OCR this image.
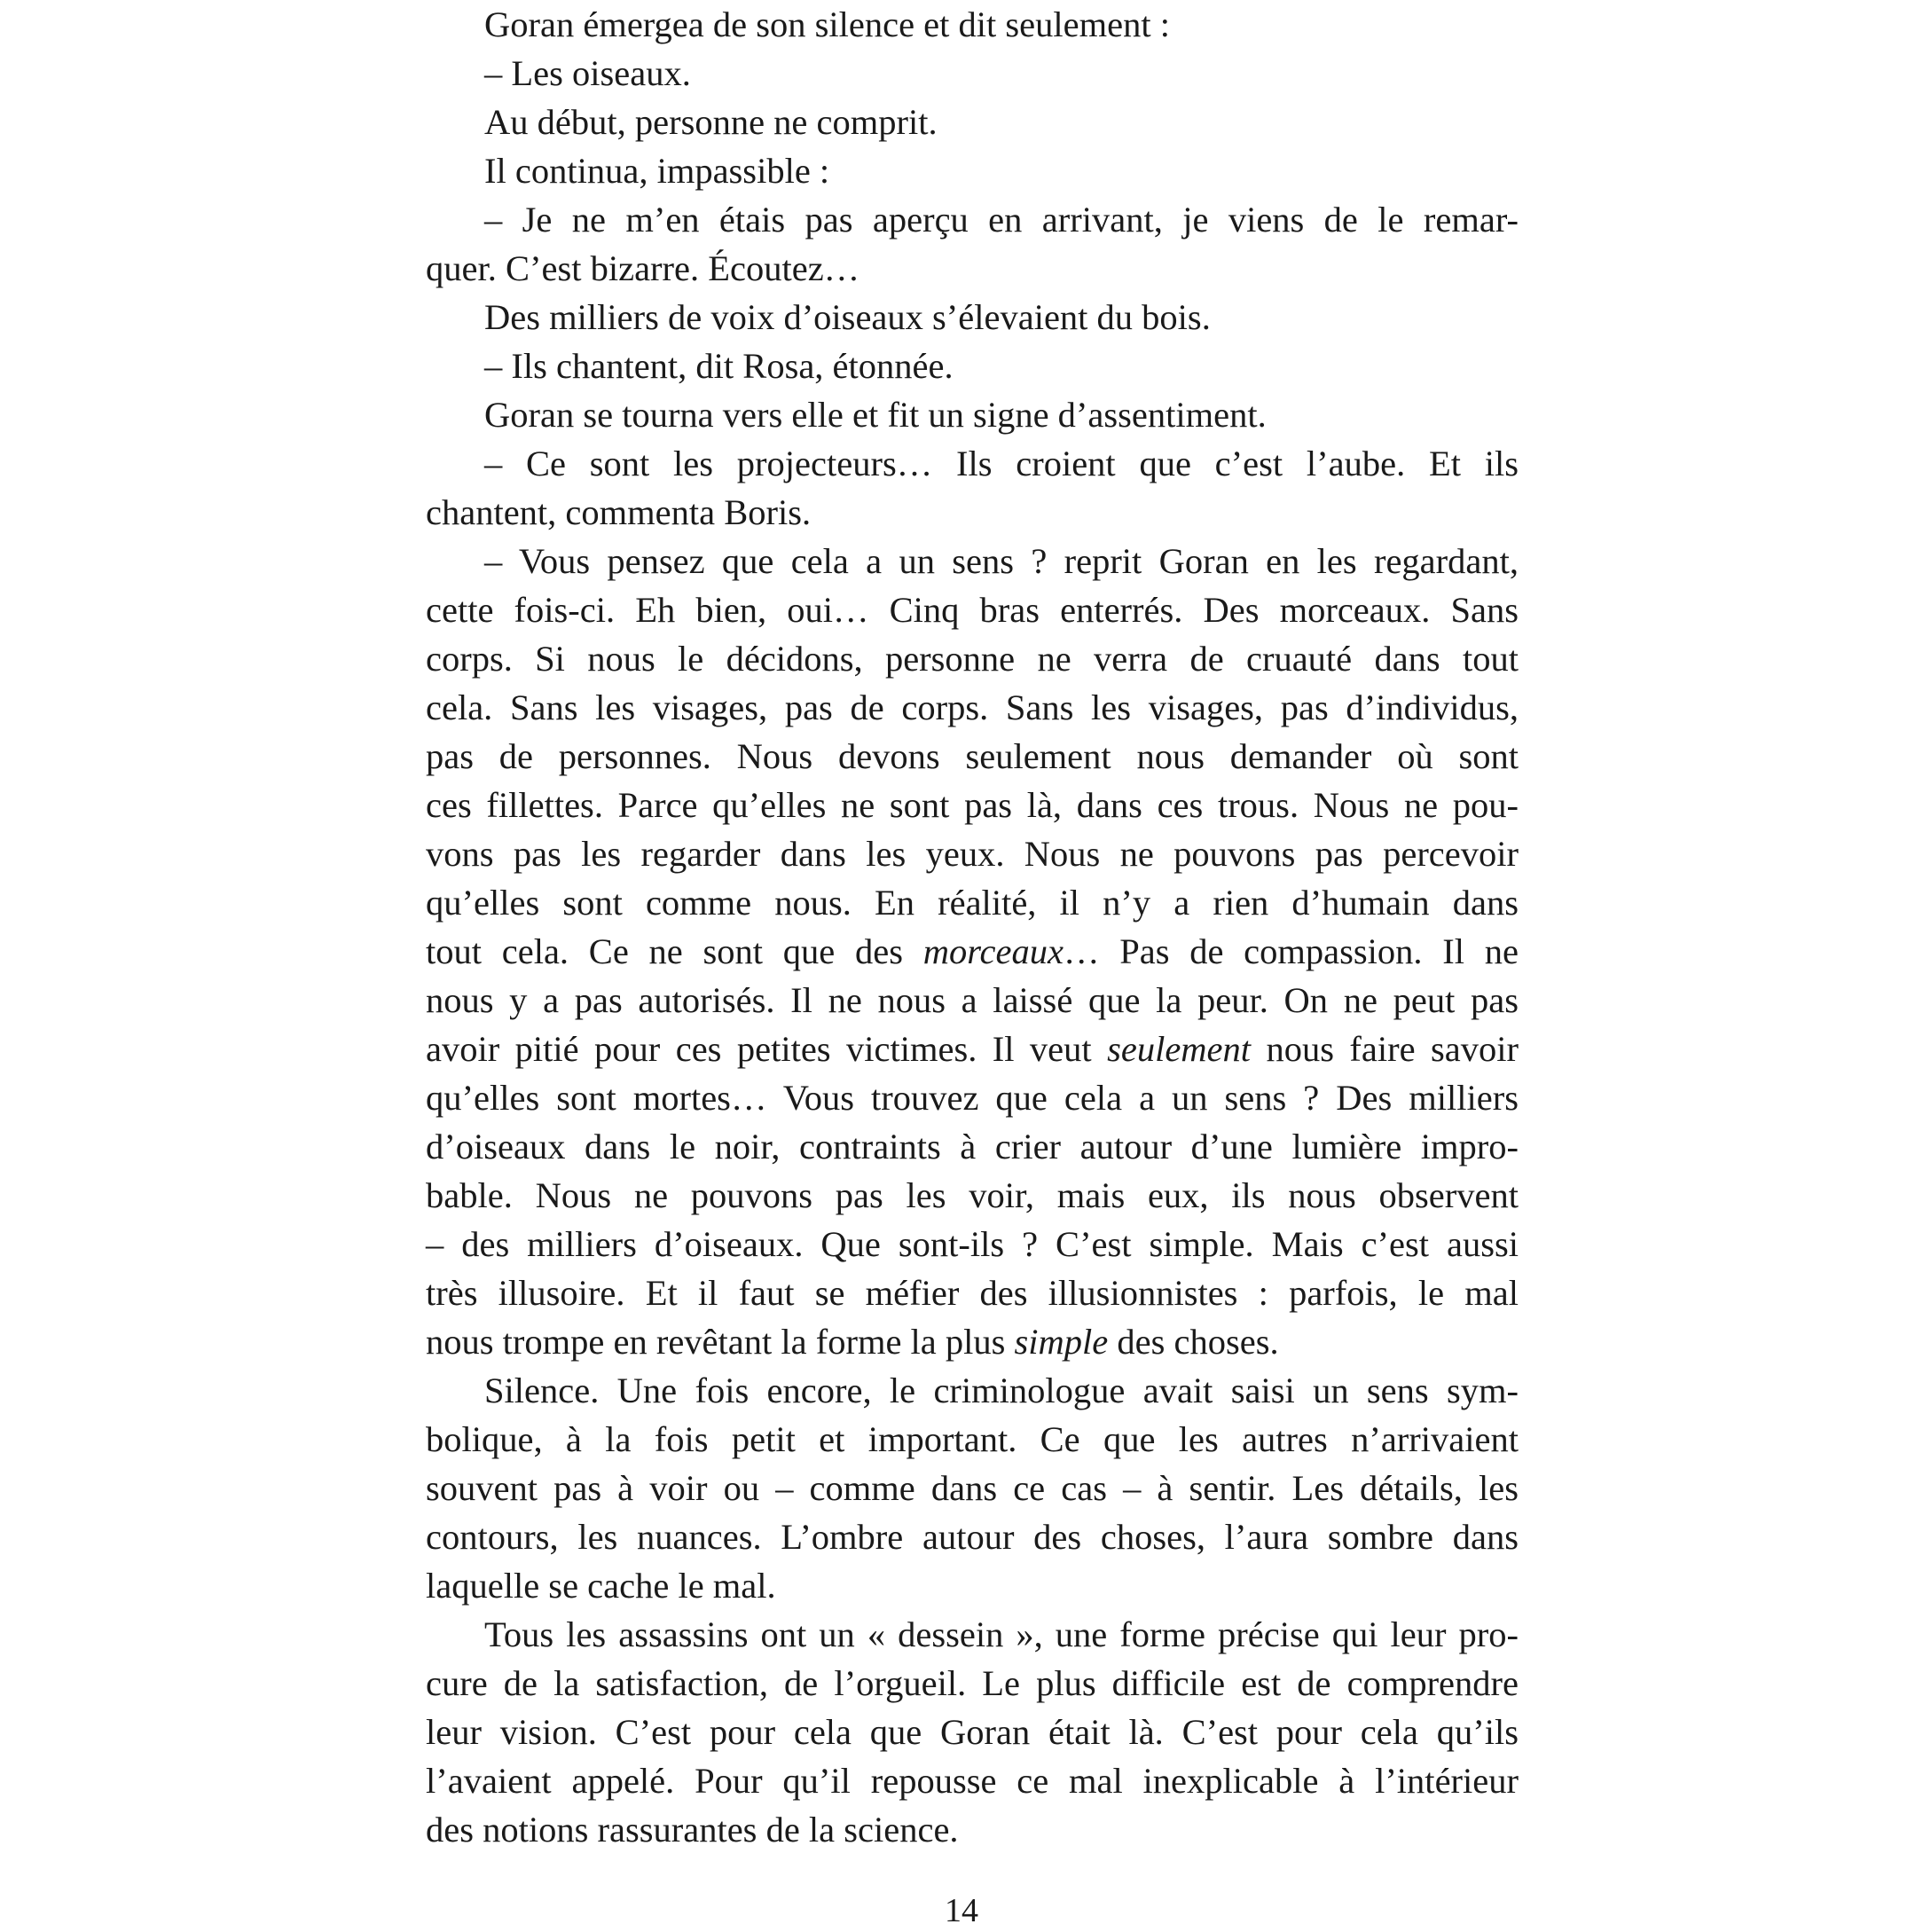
Goran émergea de son silence et dit seulement :
– Les oiseaux.
Au début, personne ne comprit.
Il continua, impassible :
– Je ne m’en étais pas aperçu en arrivant, je viens de le remar-
quer. C’est bizarre. Écoutez…
Des milliers de voix d’oiseaux s’élevaient du bois.
– Ils chantent, dit Rosa, étonnée.
Goran se tourna vers elle et fit un signe d’assentiment.
– Ce sont les projecteurs… Ils croient que c’est l’aube. Et ils
chantent, commenta Boris.
– Vous pensez que cela a un sens ? reprit Goran en les regardant,
cette fois-ci. Eh bien, oui… Cinq bras enterrés. Des morceaux. Sans
corps. Si nous le décidons, personne ne verra de cruauté dans tout
cela. Sans les visages, pas de corps. Sans les visages, pas d’individus,
pas de personnes. Nous devons seulement nous demander où sont
ces fillettes. Parce qu’elles ne sont pas là, dans ces trous. Nous ne pou-
vons pas les regarder dans les yeux. Nous ne pouvons pas percevoir
qu’elles sont comme nous. En réalité, il n’y a rien d’humain dans
tout cela. Ce ne sont que des morceaux… Pas de compassion. Il ne
nous y a pas autorisés. Il ne nous a laissé que la peur. On ne peut pas
avoir pitié pour ces petites victimes. Il veut seulement nous faire savoir
qu’elles sont mortes… Vous trouvez que cela a un sens ? Des milliers
d’oiseaux dans le noir, contraints à crier autour d’une lumière impro-
bable. Nous ne pouvons pas les voir, mais eux, ils nous observent
– des milliers d’oiseaux. Que sont-ils ? C’est simple. Mais c’est aussi
très illusoire. Et il faut se méfier des illusionnistes : parfois, le mal
nous trompe en revêtant la forme la plus simple des choses.
Silence. Une fois encore, le criminologue avait saisi un sens sym-
bolique, à la fois petit et important. Ce que les autres n’arrivaient
souvent pas à voir ou – comme dans ce cas – à sentir. Les détails, les
contours, les nuances. L’ombre autour des choses, l’aura sombre dans
laquelle se cache le mal.
Tous les assassins ont un « dessein », une forme précise qui leur pro-
cure de la satisfaction, de l’orgueil. Le plus difficile est de comprendre
leur vision. C’est pour cela que Goran était là. C’est pour cela qu’ils
l’avaient appelé. Pour qu’il repousse ce mal inexplicable à l’intérieur
des notions rassurantes de la science.
14
